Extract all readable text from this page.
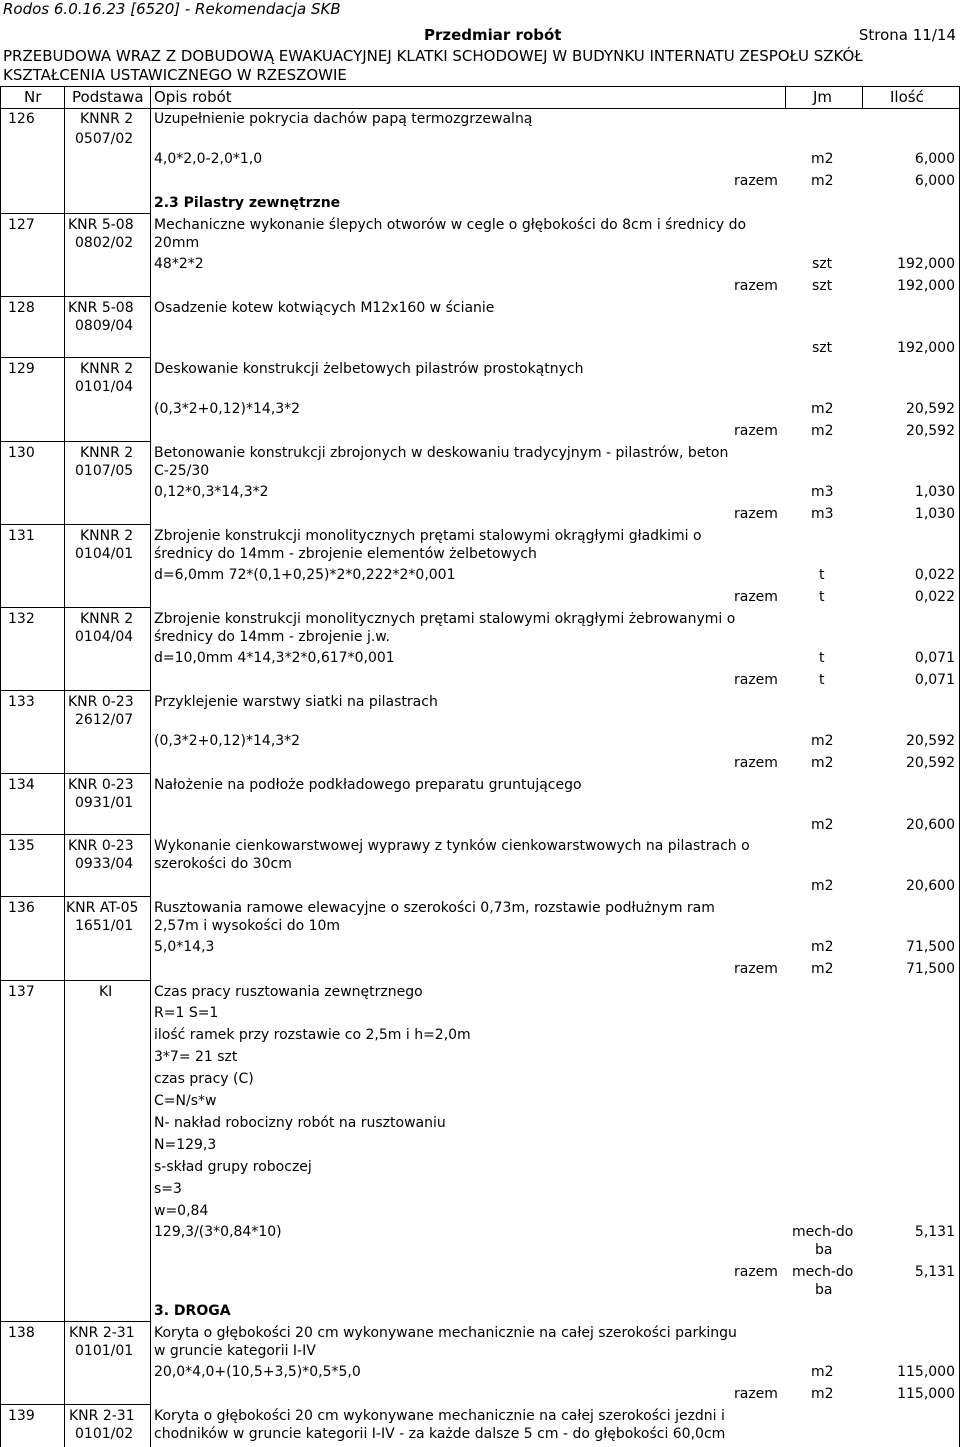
Rodos 6.0.16.23 [6520] - Rekomendacja SKB
Przedmiar robót	Strona 11/14
PRZEBUDOWA WRAZ Z DOBUDOWĄ EWAKUACYJNEJ KLATKI SCHODOWEJ W BUDYNKU INTERNATU ZESPOŁU SZKÓŁ
KSZTAŁCENIA USTAWICZNEGO W RZESZOWIE
Nr Podstawa Opis robót	Jm	Ilość
126	KNNR 2
0507/02
Uzupełnienie pokrycia dachów papą termozgrzewalną
4,0*2,0-2,0*1,0	m2	6,000
razem m2	6,000
2.3 Pilastry zewnętrzne
127 KNR 5-08
0802/02
Mechaniczne wykonanie ślepych otworów w cegle o głębokości do 8cm i średnicy do
20mm
48*2*2	szt	192,000
razem szt	192,000
128 KNR 5-08
0809/04
Osadzenie kotew kotwiących M12x160 w ścianie
szt	192,000
129	KNNR 2
0101/04
Deskowanie konstrukcji żelbetowych pilastrów prostokątnych
(0,3*2+0,12)*14,3*2	m2	20,592
razem m2	20,592
130	KNNR 2
0107/05
Betonowanie konstrukcji zbrojonych w deskowaniu tradycyjnym - pilastrów, beton
C-25/30
0,12*0,3*14,3*2	m3	1,030
razem m3	1,030
131	KNNR 2
0104/01
Zbrojenie konstrukcji monolitycznych prętami stalowymi okrągłymi gładkimi o
średnicy do 14mm - zbrojenie elementów żelbetowych
d=6,0mm 72*(0,1+0,25)*2*0,222*2*0,001	t	0,022
razem	t	0,022
132	KNNR 2
0104/04
Zbrojenie konstrukcji monolitycznych prętami stalowymi okrągłymi żebrowanymi o
średnicy do 14mm - zbrojenie j.w.
d=10,0mm 4*14,3*2*0,617*0,001	t	0,071
razem	t	0,071
133 KNR 0-23
2612/07
Przyklejenie warstwy siatki na pilastrach
(0,3*2+0,12)*14,3*2	m2	20,592
razem m2	20,592
134 KNR 0-23
0931/01
Nałożenie na podłoże podkładowego preparatu gruntującego
m2	20,600
135 KNR 0-23
0933/04
Wykonanie cienkowarstwowej wyprawy z tynków cienkowarstwowych na pilastrach o
szerokości do 30cm
m2	20,600
136 KNR AT-05
1651/01
Rusztowania ramowe elewacyjne o szerokości 0,73m, rozstawie podłużnym ram
2,57m i wysokości do 10m
5,0*14,3	m2	71,500
razem m2	71,500
137	KI	Czas pracy rusztowania zewnętrznego
R=1 S=1
ilość ramek przy rozstawie co 2,5m i h=2,0m
3*7= 21 szt
czas pracy (C)
C=N/s*w
N- nakład robocizny robót na rusztowaniu
N=129,3
s-skład grupy roboczej
s=3
w=0,84
129,3/(3*0,84*10)	mech-do
ba
5,131
razem mech-do
ba
5,131
3. DROGA
138 KNR 2-31
0101/01
Koryta o głębokości 20 cm wykonywane mechanicznie na całej szerokości parkingu
w gruncie kategorii I-IV
20,0*4,0+(10,5+3,5)*0,5*5,0	m2	115,000
razem m2	115,000
139 KNR 2-31
0101/02
Koryta o głębokości 20 cm wykonywane mechanicznie na całej szerokości jezdni i
chodników w gruncie kategorii I-IV - za każde dalsze 5 cm - do głębokości 60,0cm
